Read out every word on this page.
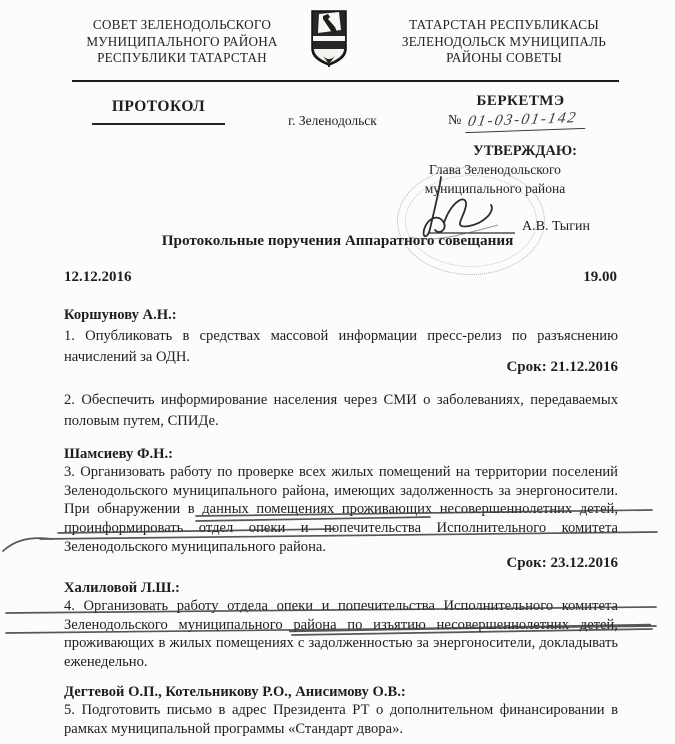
СОВЕТ ЗЕЛЕНОДОЛЬСКОГО
МУНИЦИПАЛЬНОГО РАЙОНА
РЕСПУБЛИКИ ТАТАРСТАН
ТАТАРСТАН РЕСПУБЛИКАСЫ
ЗЕЛЕНОДОЛЬСК МУНИЦИПАЛЬ
РАЙОНЫ СОВЕТЫ
ПРОТОКОЛ
г. Зеленодольск
БЕРКЕТМЭ
№ 01-03-01-142
УТВЕРЖДАЮ:
Глава Зеленодольского
муниципального района
А.В. Тыгин
Протокольные поручения Аппаратного совещания
12.12.2016	19.00
Коршунову А.Н.:
1. Опубликовать в средствах массовой информации пресс-релиз по разъяснению начислений за ОДН.
Срок: 21.12.2016
2. Обеспечить информирование населения через СМИ о заболеваниях, передаваемых половым путем, СПИДе.
Шамсиеву Ф.Н.:
3. Организовать работу по проверке всех жилых помещений на территории поселений Зеленодольского муниципального района, имеющих задолженность за энергоносители. При обнаружении в данных помещениях проживающих несовершеннолетних детей, проинформировать отдел опеки и попечительства Исполнительного комитета Зеленодольского муниципального района.
Срок: 23.12.2016
Халиловой Л.Ш.:
4. Организовать работу отдела опеки и попечительства Исполнительного комитета Зеленодольского муниципального района по изъятию несовершеннолетних детей, проживающих в жилых помещениях с задолженностью за энергоносители, докладывать еженедельно.
Дегтевой О.П., Котельникову Р.О., Анисимову О.В.:
5. Подготовить письмо в адрес Президента РТ о дополнительном финансировании в рамках муниципальной программы «Стандарт двора».
